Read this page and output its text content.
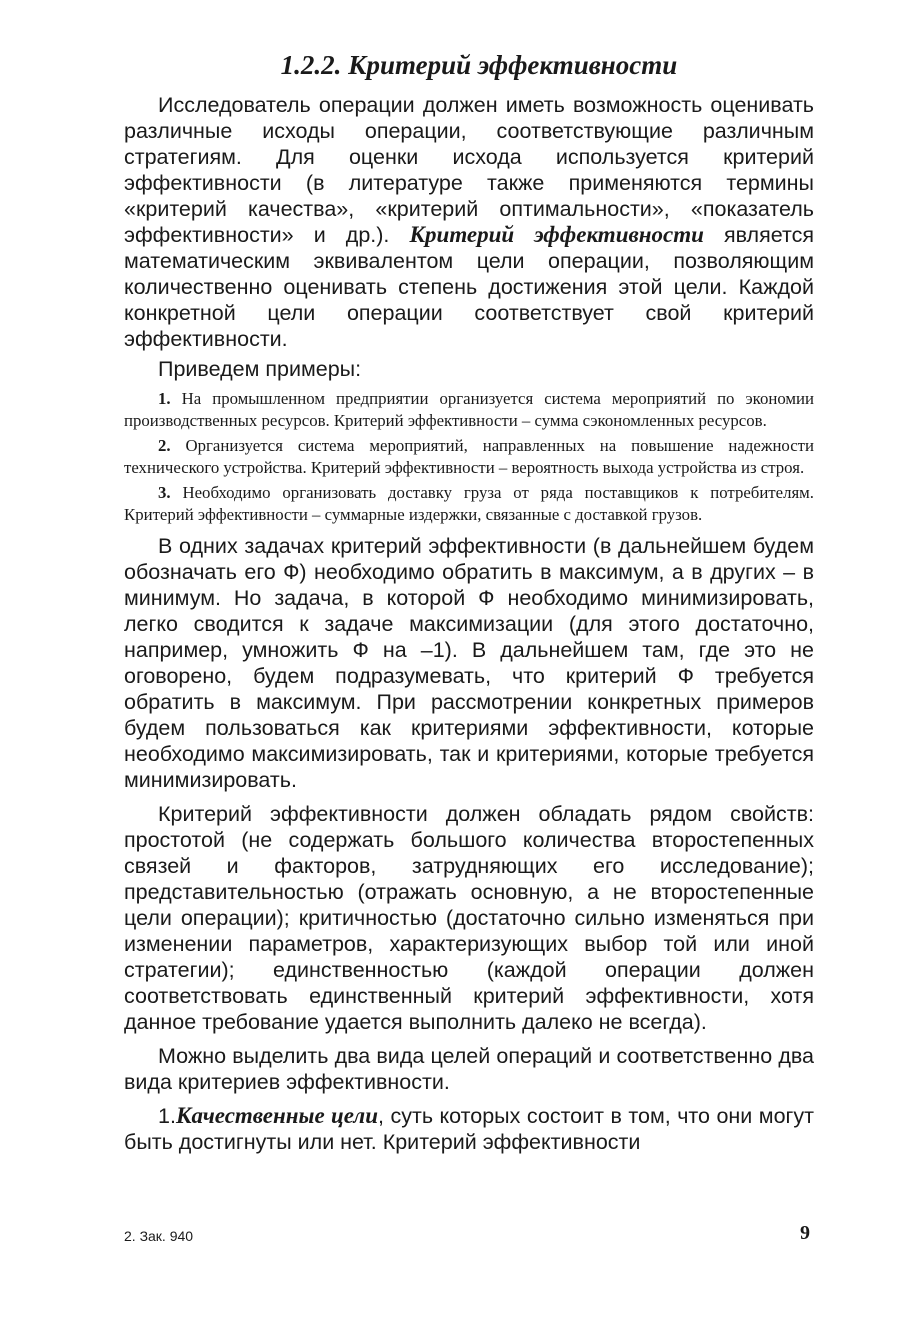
1.2.2. Критерий эффективности

Исследователь операции должен иметь возможность оценивать различные исходы операции, соответствующие различным стратегиям. Для оценки исхода используется критерий эффективности (в литературе также применяются термины «критерий качества», «критерий оптимальности», «показатель эффективности» и др.). Критерий эффективности является математическим эквивалентом цели операции, позволяющим количественно оценивать степень достижения этой цели. Каждой конкретной цели операции соответствует свой критерий эффективности.

Приведем примеры:

1. На промышленном предприятии организуется система мероприятий по экономии производственных ресурсов. Критерий эффективности – сумма сэкономленных ресурсов.

2. Организуется система мероприятий, направленных на повышение надежности технического устройства. Критерий эффективности – вероятность выхода устройства из строя.

3. Необходимо организовать доставку груза от ряда поставщиков к потребителям. Критерий эффективности – суммарные издержки, связанные с доставкой грузов.

В одних задачах критерий эффективности (в дальнейшем будем обозначать его Ф) необходимо обратить в максимум, а в других – в минимум. Но задача, в которой Ф необходимо минимизировать, легко сводится к задаче максимизации (для этого достаточно, например, умножить Ф на –1). В дальнейшем там, где это не оговорено, будем подразумевать, что критерий Ф требуется обратить в максимум. При рассмотрении конкретных примеров будем пользоваться как критериями эффективности, которые необходимо максимизировать, так и критериями, которые требуется минимизировать.

Критерий эффективности должен обладать рядом свойств: простотой (не содержать большого количества второстепенных связей и факторов, затрудняющих его исследование); представительностью (отражать основную, а не второстепенные цели операции); критичностью (достаточно сильно изменяться при изменении параметров, характеризующих выбор той или иной стратегии); единственностью (каждой операции должен соответствовать единственный критерий эффективности, хотя данное требование удается выполнить далеко не всегда).

Можно выделить два вида целей операций и соответственно два вида критериев эффективности.

1.Качественные цели, суть которых состоит в том, что они могут быть достигнуты или нет. Критерий эффективности

2. Зак. 940	9
